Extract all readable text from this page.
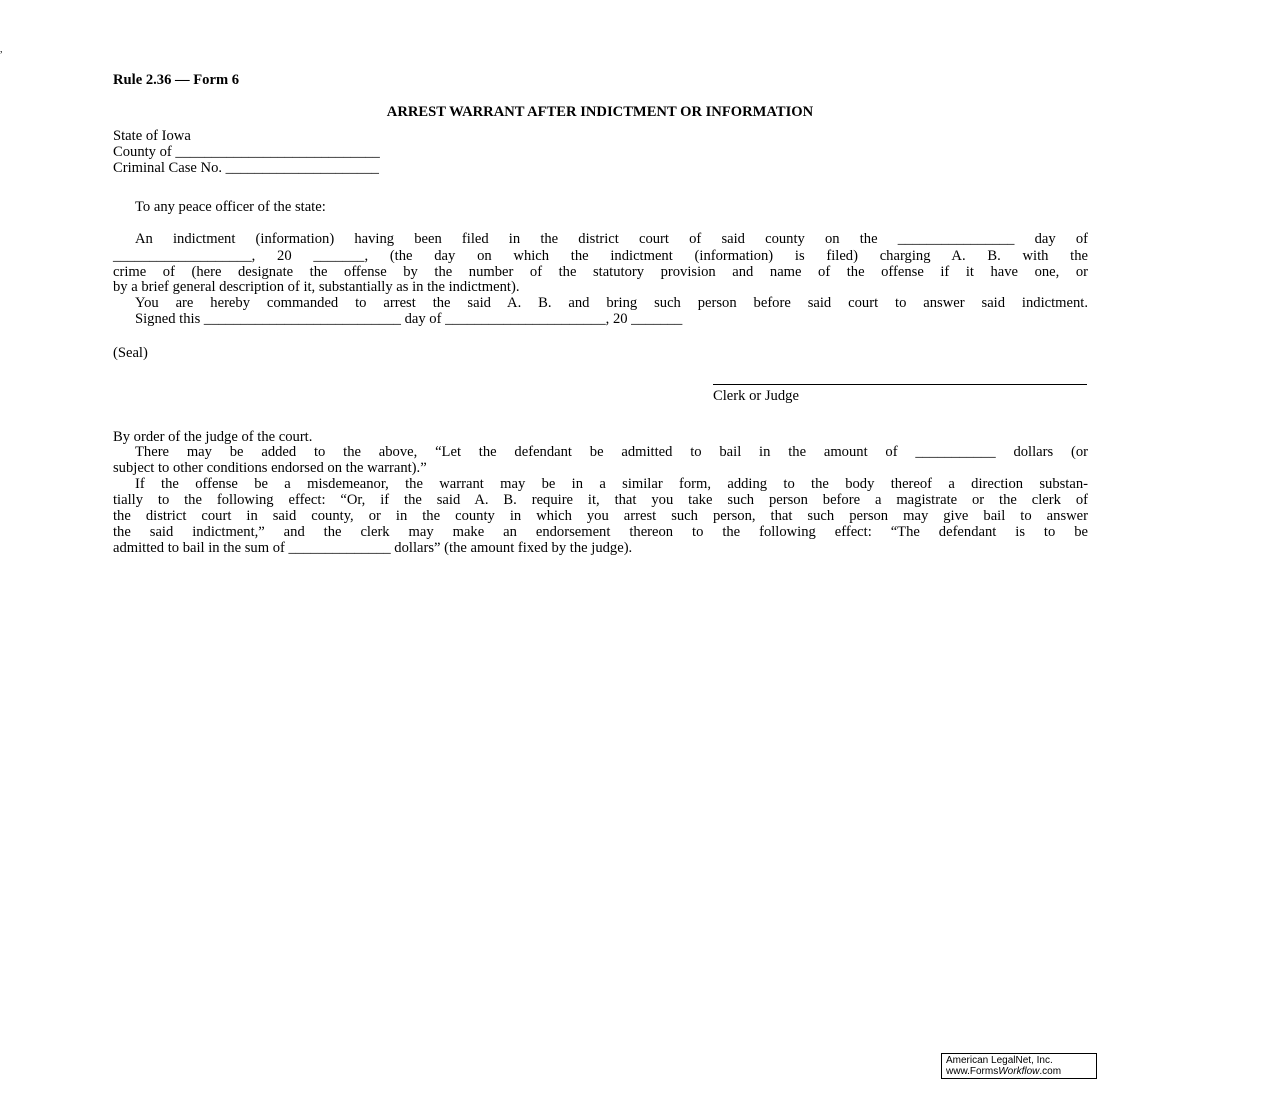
,
Rule 2.36 — Form 6
ARREST WARRANT AFTER INDICTMENT OR INFORMATION
State of Iowa
County of ____________________________
Criminal Case No. _____________________
To any peace officer of the state:
An indictment (information) having been filed in the district court of said county on the ________________ day of
___________________, 20 _______, (the day on which the indictment (information) is filed) charging A. B. with the
crime of (here designate the offense by the number of the statutory provision and name of the offense if it have one, or
by a brief general description of it, substantially as in the indictment).
You are hereby commanded to arrest the said A. B. and bring such person before said court to answer said indictment.
Signed this ___________________________ day of ______________________, 20 _______
(Seal)
Clerk or Judge
By order of the judge of the court.
There may be added to the above, “Let the defendant be admitted to bail in the amount of ___________ dollars (or
subject to other conditions endorsed on the warrant).”
If the offense be a misdemeanor, the warrant may be in a similar form, adding to the body thereof a direction substan-
tially to the following effect: “Or, if the said A. B. require it, that you take such person before a magistrate or the clerk of
the district court in said county, or in the county in which you arrest such person, that such person may give bail to answer
the said indictment,” and the clerk may make an endorsement thereon to the following effect: “The defendant is to be
admitted to bail in the sum of ______________ dollars” (the amount fixed by the judge).
American LegalNet, Inc.
www.FormsWorkflow.com
